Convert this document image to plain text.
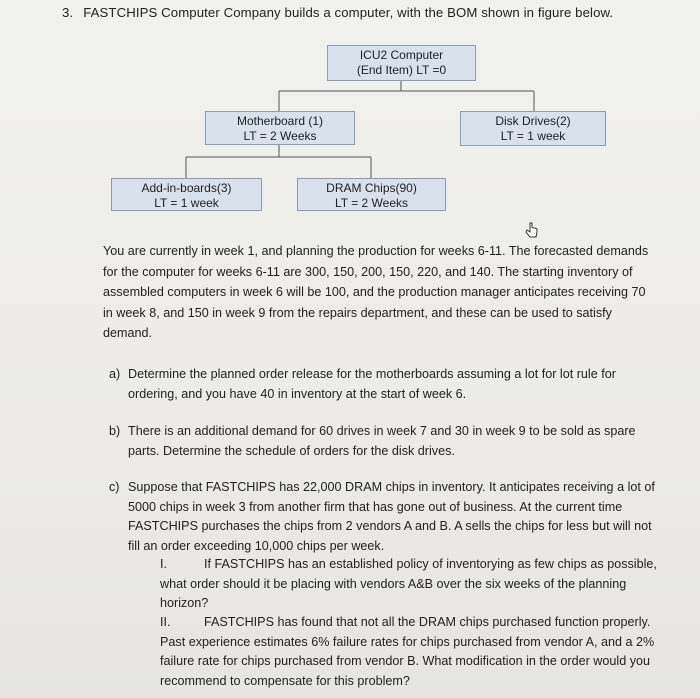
3. FASTCHIPS Computer Company builds a computer, with the BOM shown in figure below.
ICU2 Computer
(End Item) LT =0
Motherboard (1)
LT = 2 Weeks
Disk Drives(2)
LT = 1 week
Add-in-boards(3)
LT = 1 week
DRAM Chips(90)
LT = 2 Weeks
You are currently in week 1, and planning the production for weeks 6-11. The forecasted demands for the computer for weeks 6-11 are 300, 150, 200, 150, 220, and 140. The starting inventory of assembled computers in week 6 will be 100, and the production manager anticipates receiving 70 in week 8, and 150 in week 9 from the repairs department, and these can be used to satisfy demand.
a) Determine the planned order release for the motherboards assuming a lot for lot rule for ordering, and you have 40 in inventory at the start of week 6.
b) There is an additional demand for 60 drives in week 7 and 30 in week 9 to be sold as spare parts. Determine the schedule of orders for the disk drives.
c) Suppose that FASTCHIPS has 22,000 DRAM chips in inventory. It anticipates receiving a lot of 5000 chips in week 3 from another firm that has gone out of business. At the current time FASTCHIPS purchases the chips from 2 vendors A and B. A sells the chips for less but will not fill an order exceeding 10,000 chips per week.
I.	If FASTCHIPS has an established policy of inventorying as few chips as possible, what order should it be placing with vendors A&B over the six weeks of the planning horizon?
II.	FASTCHIPS has found that not all the DRAM chips purchased function properly. Past experience estimates 6% failure rates for chips purchased from vendor A, and a 2% failure rate for chips purchased from vendor B. What modification in the order would you recommend to compensate for this problem?
